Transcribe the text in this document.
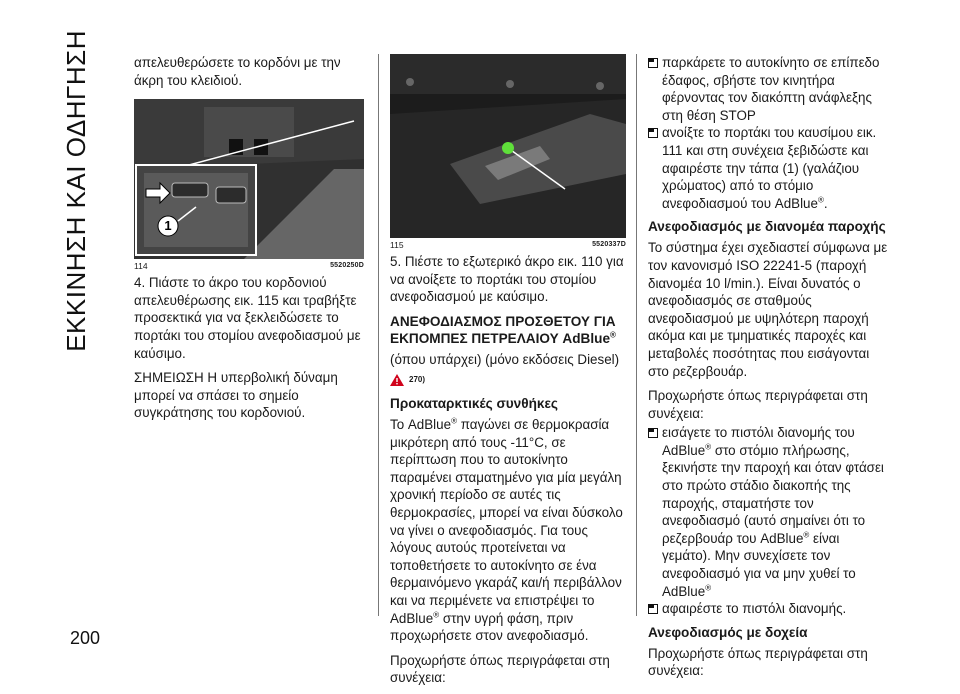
ΕΚΚΙΝΗΣΗ ΚΑΙ ΟΔΗΓΗΣΗ
200

απελευθερώσετε το κορδόνι με την άκρη του κλειδιού.

1
114	5520250D

4. Πιάστε το άκρο του κορδονιού απελευθέρωσης εικ. 115 και τραβήξτε προσεκτικά για να ξεκλειδώσετε το πορτάκι του στομίου ανεφοδιασμού με καύσιμο.

ΣΗΜΕΙΩΣΗ Η υπερβολική δύναμη μπορεί να σπάσει το σημείο συγκράτησης του κορδονιού.

115	5520337D

5. Πιέστε το εξωτερικό άκρο εικ. 110 για να ανοίξετε το πορτάκι του στομίου ανεφοδιασμού με καύσιμο.

ΑΝΕΦΟΔΙΑΣΜΟΣ ΠΡΟΣΘΕΤΟΥ ΓΙΑ ΕΚΠΟΜΠΕΣ ΠΕΤΡΕΛΑΙΟΥ AdBlue®

(όπου υπάρχει) (μόνο εκδόσεις Diesel)

270)
Προκαταρκτικές συνθήκες

Το AdBlue® παγώνει σε θερμοκρασία μικρότερη από τους -11°C, σε περίπτωση που το αυτοκίνητο παραμένει σταματημένο για μία μεγάλη χρονική περίοδο σε αυτές τις θερμοκρασίες, μπορεί να είναι δύσκολο να γίνει ο ανεφοδιασμός. Για τους λόγους αυτούς προτείνεται να τοποθετήσετε το αυτοκίνητο σε ένα θερμαινόμενο γκαράζ και/ή περιβάλλον και να περιμένετε να επιστρέψει το AdBlue® στην υγρή φάση, πριν προχωρήσετε στον ανεφοδιασμό.

Προχωρήστε όπως περιγράφεται στη συνέχεια:

παρκάρετε το αυτοκίνητο σε επίπεδο έδαφος, σβήστε τον κινητήρα φέρνοντας τον διακόπτη ανάφλεξης στη θέση STOP
ανοίξτε το πορτάκι του καυσίμου εικ. 111 και στη συνέχεια ξεβιδώστε και αφαιρέστε την τάπα (1) (γαλάζιου χρώματος) από το στόμιο ανεφοδιασμού του AdBlue®.
Ανεφοδιασμός με διανομέα παροχής

Το σύστημα έχει σχεδιαστεί σύμφωνα με τον κανονισμό ISO 22241-5 (παροχή διανομέα 10 l/min.). Είναι δυνατός ο ανεφοδιασμός σε σταθμούς ανεφοδιασμού με υψηλότερη παροχή ακόμα και με τμηματικές παροχές και μεταβολές ποσότητας που εισάγονται στο ρεζερβουάρ.

Προχωρήστε όπως περιγράφεται στη συνέχεια:

εισάγετε το πιστόλι διανομής του AdBlue® στο στόμιο πλήρωσης, ξεκινήστε την παροχή και όταν φτάσει στο πρώτο στάδιο διακοπής της παροχής, σταματήστε τον ανεφοδιασμό (αυτό σημαίνει ότι το ρεζερβουάρ του AdBlue® είναι γεμάτο). Μην συνεχίσετε τον ανεφοδιασμό για να μην χυθεί το AdBlue®
αφαιρέστε το πιστόλι διανομής.
Ανεφοδιασμός με δοχεία

Προχωρήστε όπως περιγράφεται στη συνέχεια:
